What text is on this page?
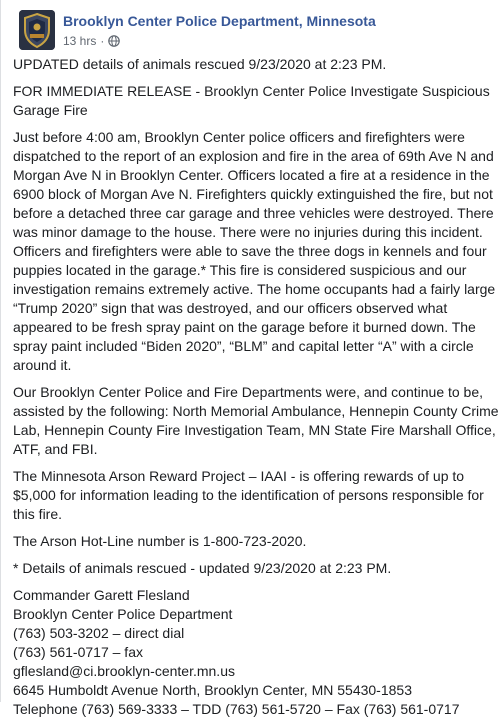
Brooklyn Center Police Department, Minnesota
13 hrs ·

UPDATED details of animals rescued 9/23/2020 at 2:23 PM.

FOR IMMEDIATE RELEASE - Brooklyn Center Police Investigate Suspicious Garage Fire

Just before 4:00 am, Brooklyn Center police officers and firefighters were dispatched to the report of an explosion and fire in the area of 69th Ave N and Morgan Ave N in Brooklyn Center. Officers located a fire at a residence in the 6900 block of Morgan Ave N. Firefighters quickly extinguished the fire, but not before a detached three car garage and three vehicles were destroyed. There was minor damage to the house. There were no injuries during this incident. Officers and firefighters were able to save the three dogs in kennels and four puppies located in the garage.* This fire is considered suspicious and our investigation remains extremely active. The home occupants had a fairly large “Trump 2020” sign that was destroyed, and our officers observed what appeared to be fresh spray paint on the garage before it burned down. The spray paint included “Biden 2020”, “BLM” and capital letter “A” with a circle around it.

Our Brooklyn Center Police and Fire Departments were, and continue to be, assisted by the following: North Memorial Ambulance, Hennepin County Crime Lab, Hennepin County Fire Investigation Team, MN State Fire Marshall Office, ATF, and FBI.

The Minnesota Arson Reward Project – IAAI - is offering rewards of up to $5,000 for information leading to the identification of persons responsible for this fire.

The Arson Hot-Line number is 1-800-723-2020.

* Details of animals rescued - updated 9/23/2020 at 2:23 PM.

Commander Garett Flesland
Brooklyn Center Police Department
(763) 503-3202 – direct dial
(763) 561-0717 – fax
gflesland@ci.brooklyn-center.mn.us
6645 Humboldt Avenue North, Brooklyn Center, MN 55430-1853
Telephone (763) 569-3333 – TDD (763) 561-5720 – Fax (763) 561-0717
